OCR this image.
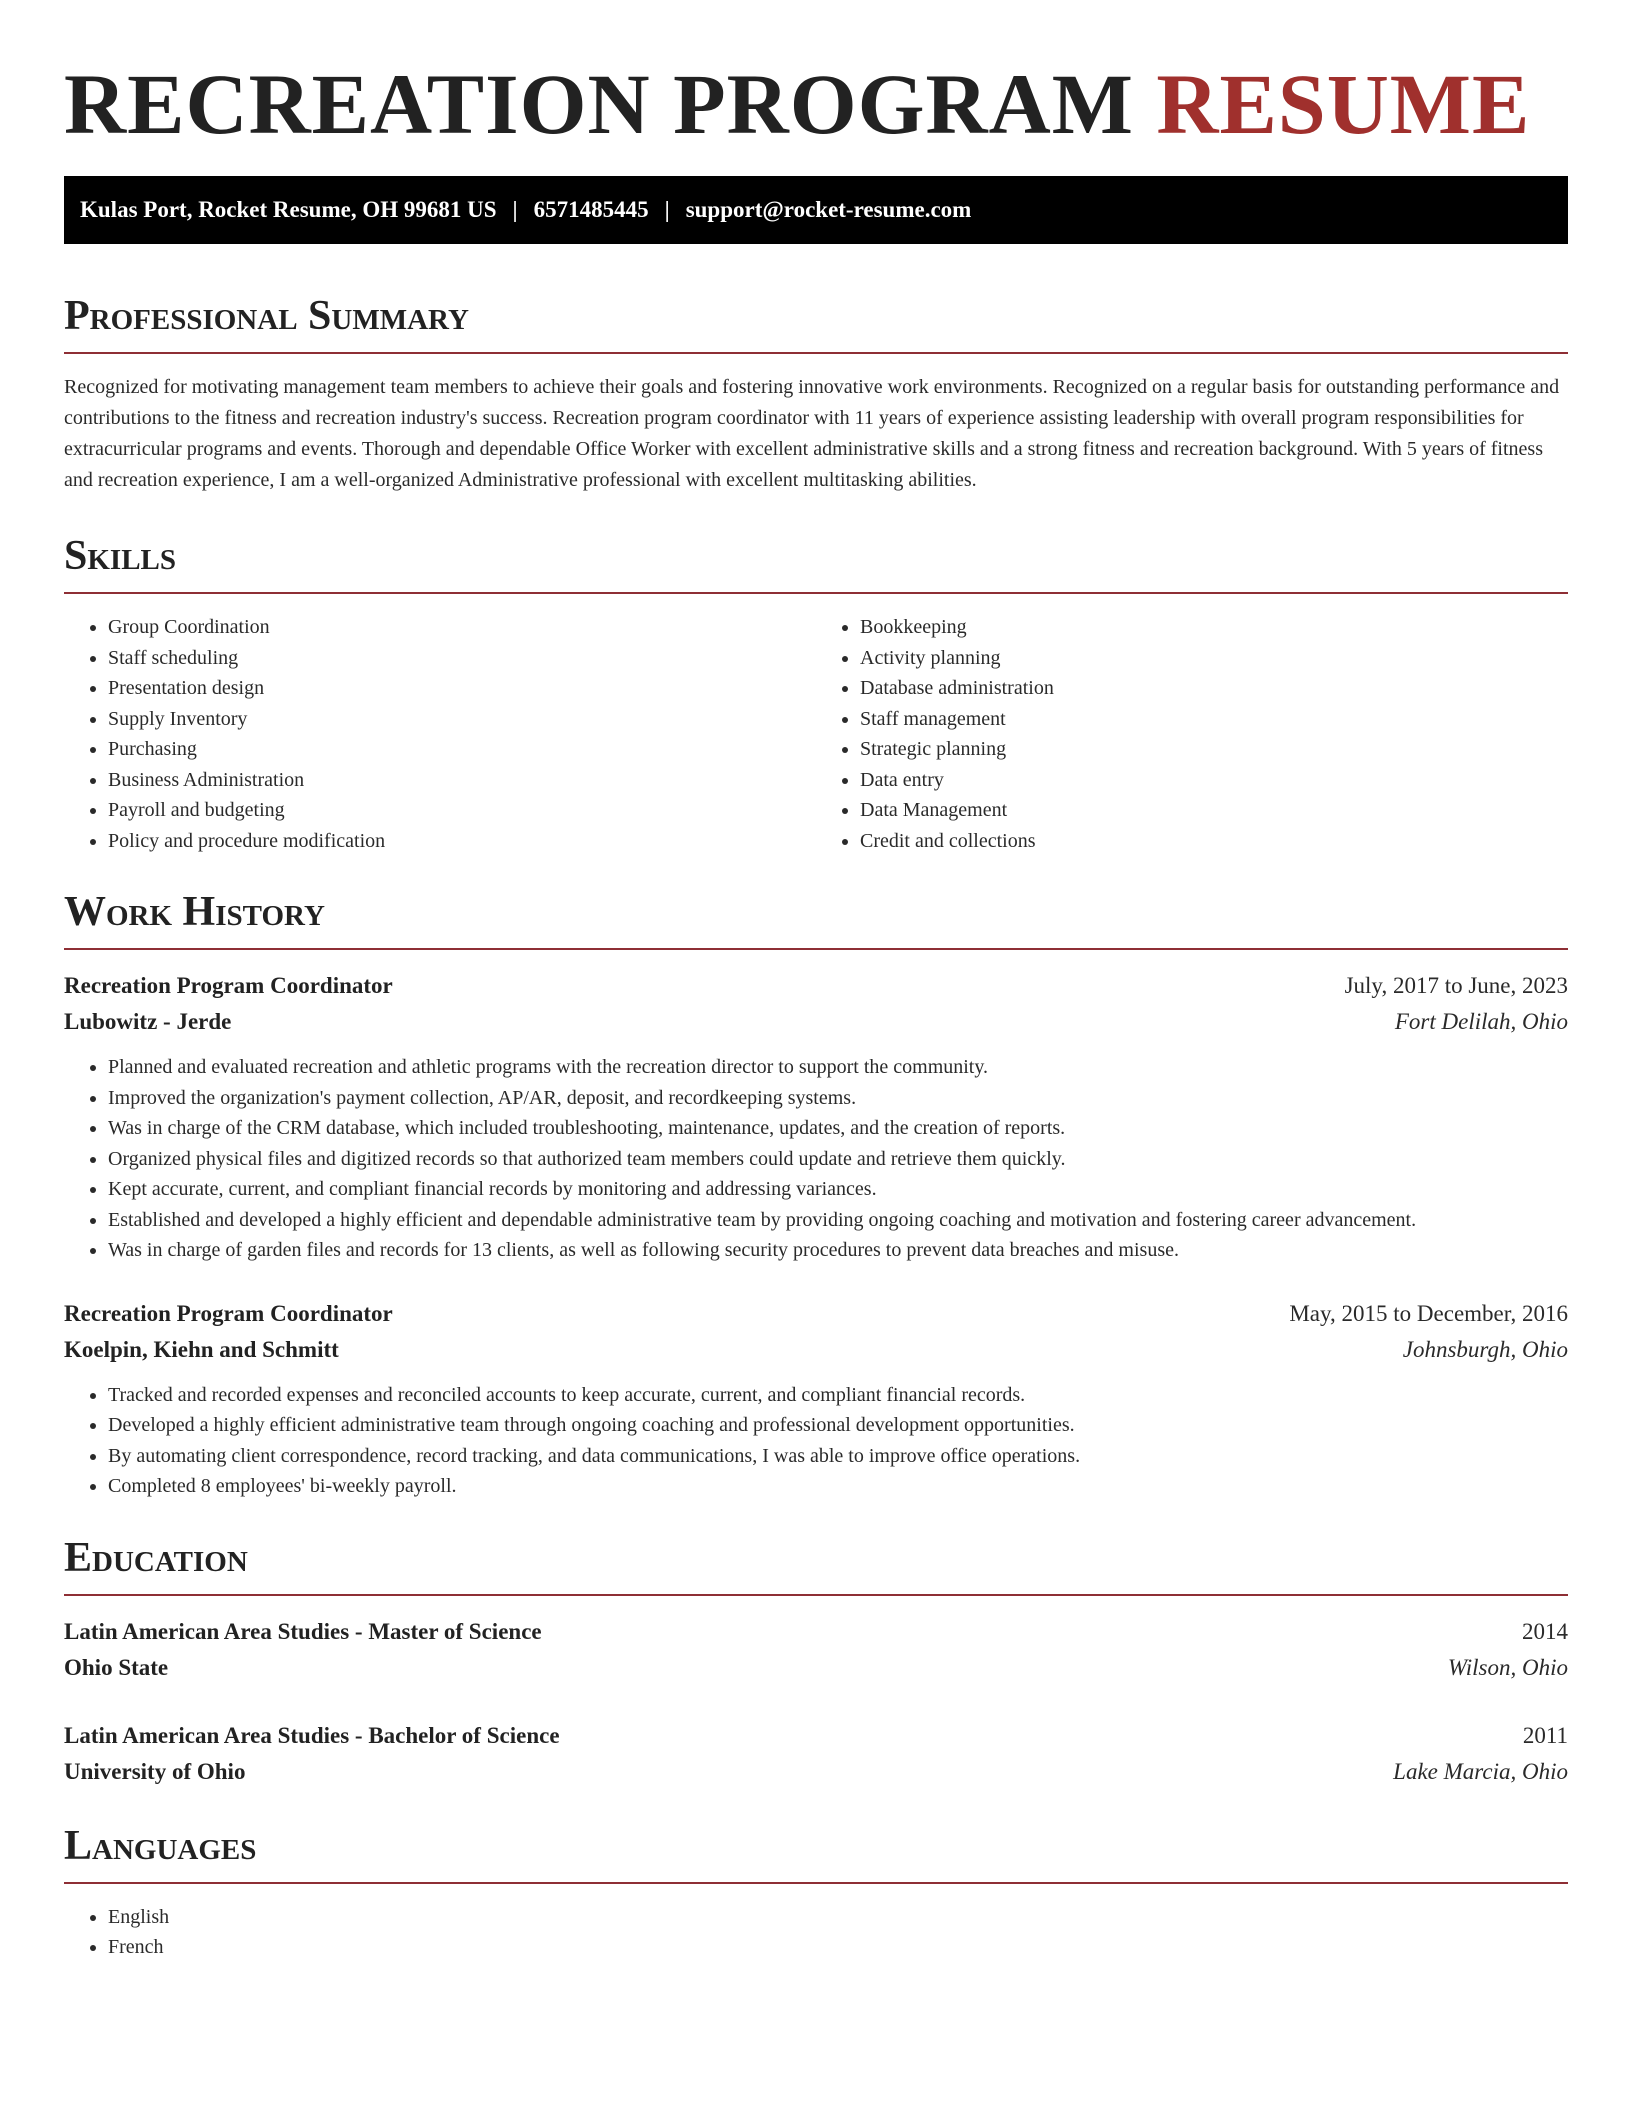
RECREATION PROGRAM RESUME
Kulas Port, Rocket Resume, OH 99681 US | 6571485445 | support@rocket-resume.com
Professional Summary

Recognized for motivating management team members to achieve their goals and fostering innovative work environments. Recognized on a regular basis for outstanding performance and contributions to the fitness and recreation industry's success. Recreation program coordinator with 11 years of experience assisting leadership with overall program responsibilities for extracurricular programs and events. Thorough and dependable Office Worker with excellent administrative skills and a strong fitness and recreation background. With 5 years of fitness and recreation experience, I am a well-organized Administrative professional with excellent multitasking abilities.

Skills
• Group Coordination
• Staff scheduling
• Presentation design
• Supply Inventory
• Purchasing
• Business Administration
• Payroll and budgeting
• Policy and procedure modification
• Bookkeeping
• Activity planning
• Database administration
• Staff management
• Strategic planning
• Data entry
• Data Management
• Credit and collections
Work History
Recreation Program Coordinator	July, 2017 to June, 2023
Lubowitz - Jerde	Fort Delilah, Ohio
• Planned and evaluated recreation and athletic programs with the recreation director to support the community.
• Improved the organization's payment collection, AP/AR, deposit, and recordkeeping systems.
• Was in charge of the CRM database, which included troubleshooting, maintenance, updates, and the creation of reports.
• Organized physical files and digitized records so that authorized team members could update and retrieve them quickly.
• Kept accurate, current, and compliant financial records by monitoring and addressing variances.
• Established and developed a highly efficient and dependable administrative team by providing ongoing coaching and motivation and fostering career advancement.
• Was in charge of garden files and records for 13 clients, as well as following security procedures to prevent data breaches and misuse.
Recreation Program Coordinator	May, 2015 to December, 2016
Koelpin, Kiehn and Schmitt	Johnsburgh, Ohio
• Tracked and recorded expenses and reconciled accounts to keep accurate, current, and compliant financial records.
• Developed a highly efficient administrative team through ongoing coaching and professional development opportunities.
• By automating client correspondence, record tracking, and data communications, I was able to improve office operations.
• Completed 8 employees' bi-weekly payroll.
Education
Latin American Area Studies - Master of Science	2014
Ohio State	Wilson, Ohio
Latin American Area Studies - Bachelor of Science	2011
University of Ohio	Lake Marcia, Ohio
Languages
• English
• French
